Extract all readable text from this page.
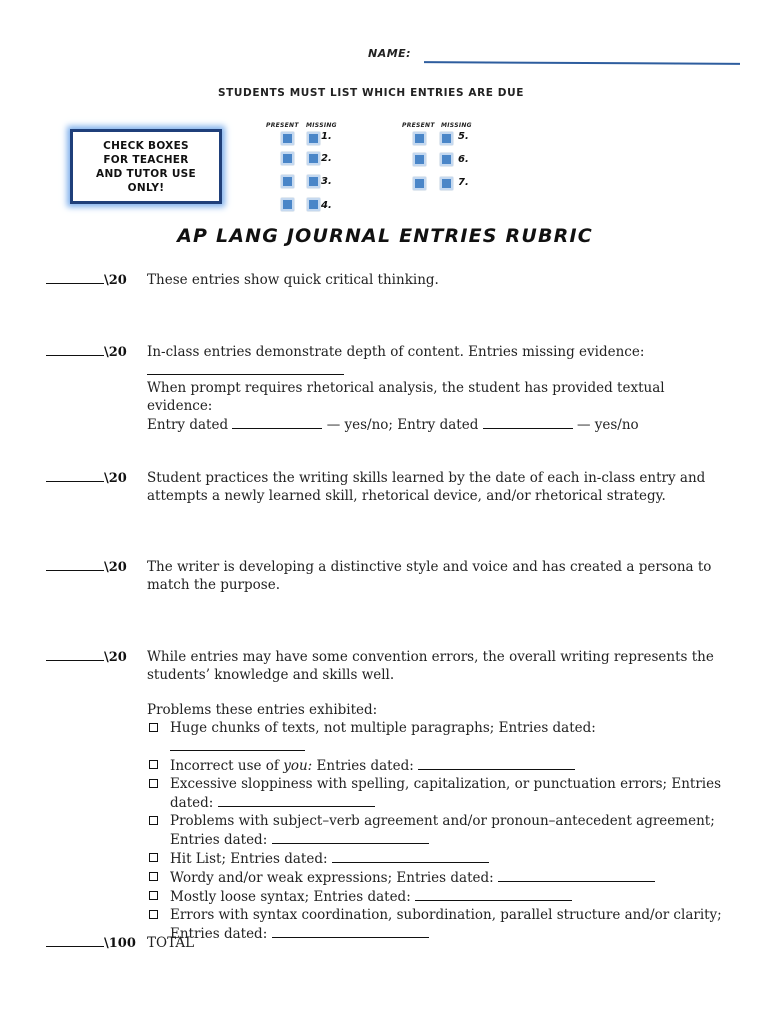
NAME:
STUDENTS MUST LIST WHICH ENTRIES ARE DUE
CHECK BOXES
FOR TEACHER
AND TUTOR USE
ONLY!
PRESENT MISSING
1.
2.
3.
4.
PRESENT MISSING
5.
6.
7.
AP LANG JOURNAL ENTRIES RUBRIC
\20 These entries show quick critical thinking.
\20 In-class entries demonstrate depth of content. Entries missing evidence:
When prompt requires rhetorical analysis, the student has provided textual evidence:
Entry dated	— yes/no; Entry dated	— yes/no
\20 Student practices the writing skills learned by the date of each in-class entry and attempts a newly learned skill, rhetorical device, and/or rhetorical strategy.
\20 The writer is developing a distinctive style and voice and has created a persona to match the purpose.
\20 While entries may have some convention errors, the overall writing represents the students’ knowledge and skills well.
Problems these entries exhibited:
Huge chunks of texts, not multiple paragraphs; Entries dated:
Incorrect use of you: Entries dated:
Excessive sloppiness with spelling, capitalization, or punctuation errors; Entries
dated:
Problems with subject–verb agreement and/or pronoun–antecedent agreement;
Entries dated:
Hit List; Entries dated:
Wordy and/or weak expressions; Entries dated:
Mostly loose syntax; Entries dated:
Errors with syntax coordination, subordination, parallel structure and/or clarity;
Entries dated:
\100 TOTAL
